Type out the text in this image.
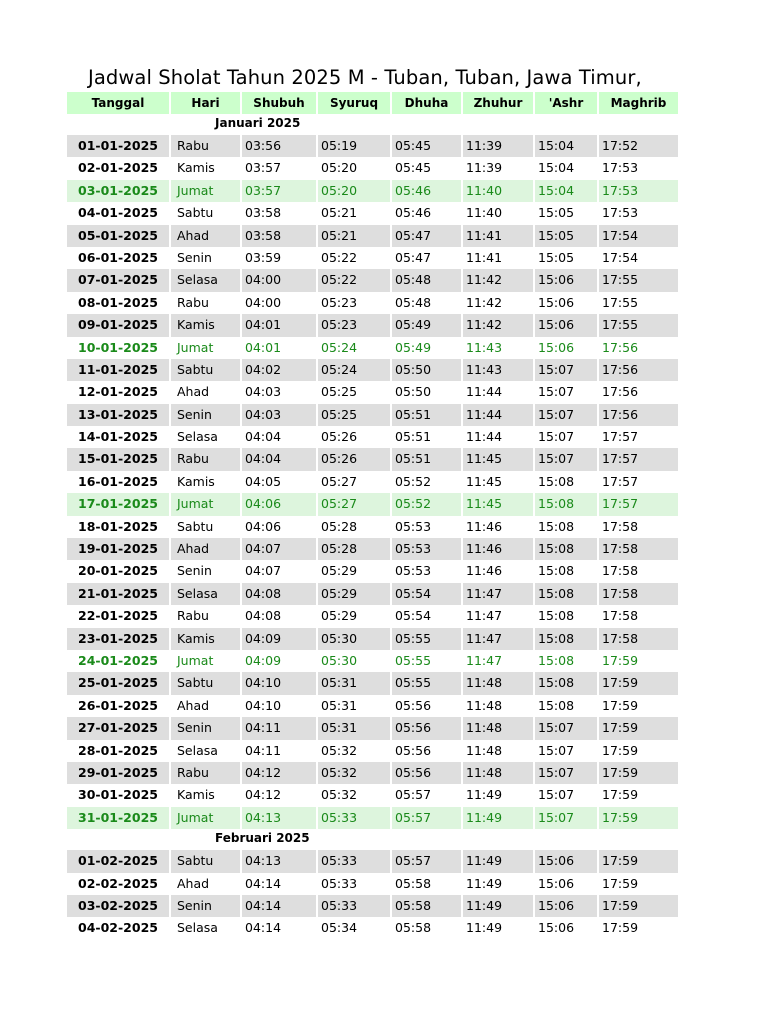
Jadwal Sholat Tahun 2025 M - Tuban, Tuban, Jawa Timur,
Tanggal	Hari	Shubuh	Syuruq	Dhuha	Zhuhur	'Ashr	Maghrib
Januari 2025
01-01-2025	Rabu	03:56	05:19	05:45	11:39	15:04	17:52
02-01-2025	Kamis	03:57	05:20	05:45	11:39	15:04	17:53
03-01-2025	Jumat	03:57	05:20	05:46	11:40	15:04	17:53
04-01-2025	Sabtu	03:58	05:21	05:46	11:40	15:05	17:53
05-01-2025	Ahad	03:58	05:21	05:47	11:41	15:05	17:54
06-01-2025	Senin	03:59	05:22	05:47	11:41	15:05	17:54
07-01-2025	Selasa	04:00	05:22	05:48	11:42	15:06	17:55
08-01-2025	Rabu	04:00	05:23	05:48	11:42	15:06	17:55
09-01-2025	Kamis	04:01	05:23	05:49	11:42	15:06	17:55
10-01-2025	Jumat	04:01	05:24	05:49	11:43	15:06	17:56
11-01-2025	Sabtu	04:02	05:24	05:50	11:43	15:07	17:56
12-01-2025	Ahad	04:03	05:25	05:50	11:44	15:07	17:56
13-01-2025	Senin	04:03	05:25	05:51	11:44	15:07	17:56
14-01-2025	Selasa	04:04	05:26	05:51	11:44	15:07	17:57
15-01-2025	Rabu	04:04	05:26	05:51	11:45	15:07	17:57
16-01-2025	Kamis	04:05	05:27	05:52	11:45	15:08	17:57
17-01-2025	Jumat	04:06	05:27	05:52	11:45	15:08	17:57
18-01-2025	Sabtu	04:06	05:28	05:53	11:46	15:08	17:58
19-01-2025	Ahad	04:07	05:28	05:53	11:46	15:08	17:58
20-01-2025	Senin	04:07	05:29	05:53	11:46	15:08	17:58
21-01-2025	Selasa	04:08	05:29	05:54	11:47	15:08	17:58
22-01-2025	Rabu	04:08	05:29	05:54	11:47	15:08	17:58
23-01-2025	Kamis	04:09	05:30	05:55	11:47	15:08	17:58
24-01-2025	Jumat	04:09	05:30	05:55	11:47	15:08	17:59
25-01-2025	Sabtu	04:10	05:31	05:55	11:48	15:08	17:59
26-01-2025	Ahad	04:10	05:31	05:56	11:48	15:08	17:59
27-01-2025	Senin	04:11	05:31	05:56	11:48	15:07	17:59
28-01-2025	Selasa	04:11	05:32	05:56	11:48	15:07	17:59
29-01-2025	Rabu	04:12	05:32	05:56	11:48	15:07	17:59
30-01-2025	Kamis	04:12	05:32	05:57	11:49	15:07	17:59
31-01-2025	Jumat	04:13	05:33	05:57	11:49	15:07	17:59
Februari 2025
01-02-2025	Sabtu	04:13	05:33	05:57	11:49	15:06	17:59
02-02-2025	Ahad	04:14	05:33	05:58	11:49	15:06	17:59
03-02-2025	Senin	04:14	05:33	05:58	11:49	15:06	17:59
04-02-2025	Selasa	04:14	05:34	05:58	11:49	15:06	17:59
